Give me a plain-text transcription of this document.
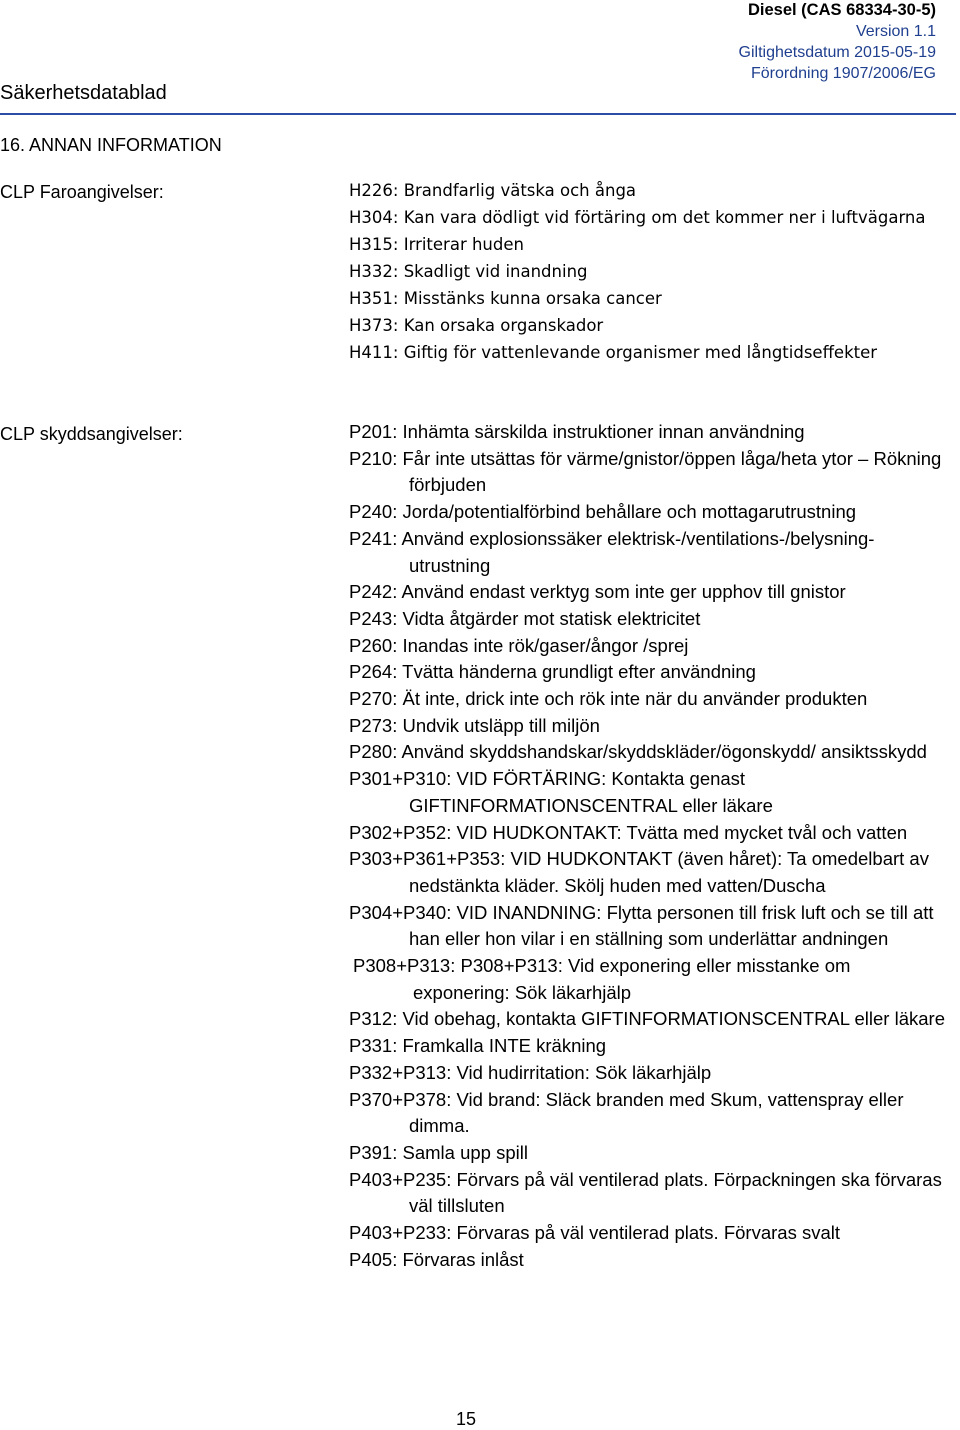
Säkerhetsdatablad
Diesel (CAS 68334-30-5)
Version 1.1
Giltighetsdatum 2015-05-19
Förordning 1907/2006/EG
16. ANNAN INFORMATION
CLP Faroangivelser:	H226: Brandfarlig vätska och ånga
H304: Kan vara dödligt vid förtäring om det kommer ner i luftvägarna
H315: Irriterar huden
H332: Skadligt vid inandning
H351: Misstänks kunna orsaka cancer
H373: Kan orsaka organskador
H411: Giftig för vattenlevande organismer med långtidseffekter
CLP skyddsangivelser:	P201: Inhämta särskilda instruktioner innan användning
P210: Får inte utsättas för värme/gnistor/öppen låga/heta ytor – Rökning förbjuden
P240: Jorda/potentialförbind behållare och mottagarutrustning
P241: Använd explosionssäker elektrisk-/ventilations-/belysning-utrustning
P242: Använd endast verktyg som inte ger upphov till gnistor
P243: Vidta åtgärder mot statisk elektricitet
P260: Inandas inte rök/gaser/ångor /sprej
P264: Tvätta händerna grundligt efter användning
P270: Ät inte, drick inte och rök inte när du använder produkten
P273: Undvik utsläpp till miljön
P280: Använd skyddshandskar/skyddskläder/ögonskydd/ ansiktsskydd
P301+P310: VID FÖRTÄRING: Kontakta genast GIFTINFORMATIONSCENTRAL eller läkare
P302+P352: VID HUDKONTAKT: Tvätta med mycket tvål och vatten
P303+P361+P353: VID HUDKONTAKT (även håret): Ta omedelbart av nedstänkta kläder. Skölj huden med vatten/Duscha
P304+P340: VID INANDNING: Flytta personen till frisk luft och se till att han eller hon vilar i en ställning som underlättar andningen
P308+P313: P308+P313: Vid exponering eller misstanke om exponering: Sök läkarhjälp
P312: Vid obehag, kontakta GIFTINFORMATIONSCENTRAL eller läkare
P331: Framkalla INTE kräkning
P332+P313: Vid hudirritation: Sök läkarhjälp
P370+P378: Vid brand: Släck branden med Skum, vattenspray eller dimma.
P391: Samla upp spill
P403+P235: Förvars på väl ventilerad plats. Förpackningen ska förvaras väl tillsluten
P403+P233: Förvaras på väl ventilerad plats. Förvaras svalt
P405: Förvaras inlåst
15
